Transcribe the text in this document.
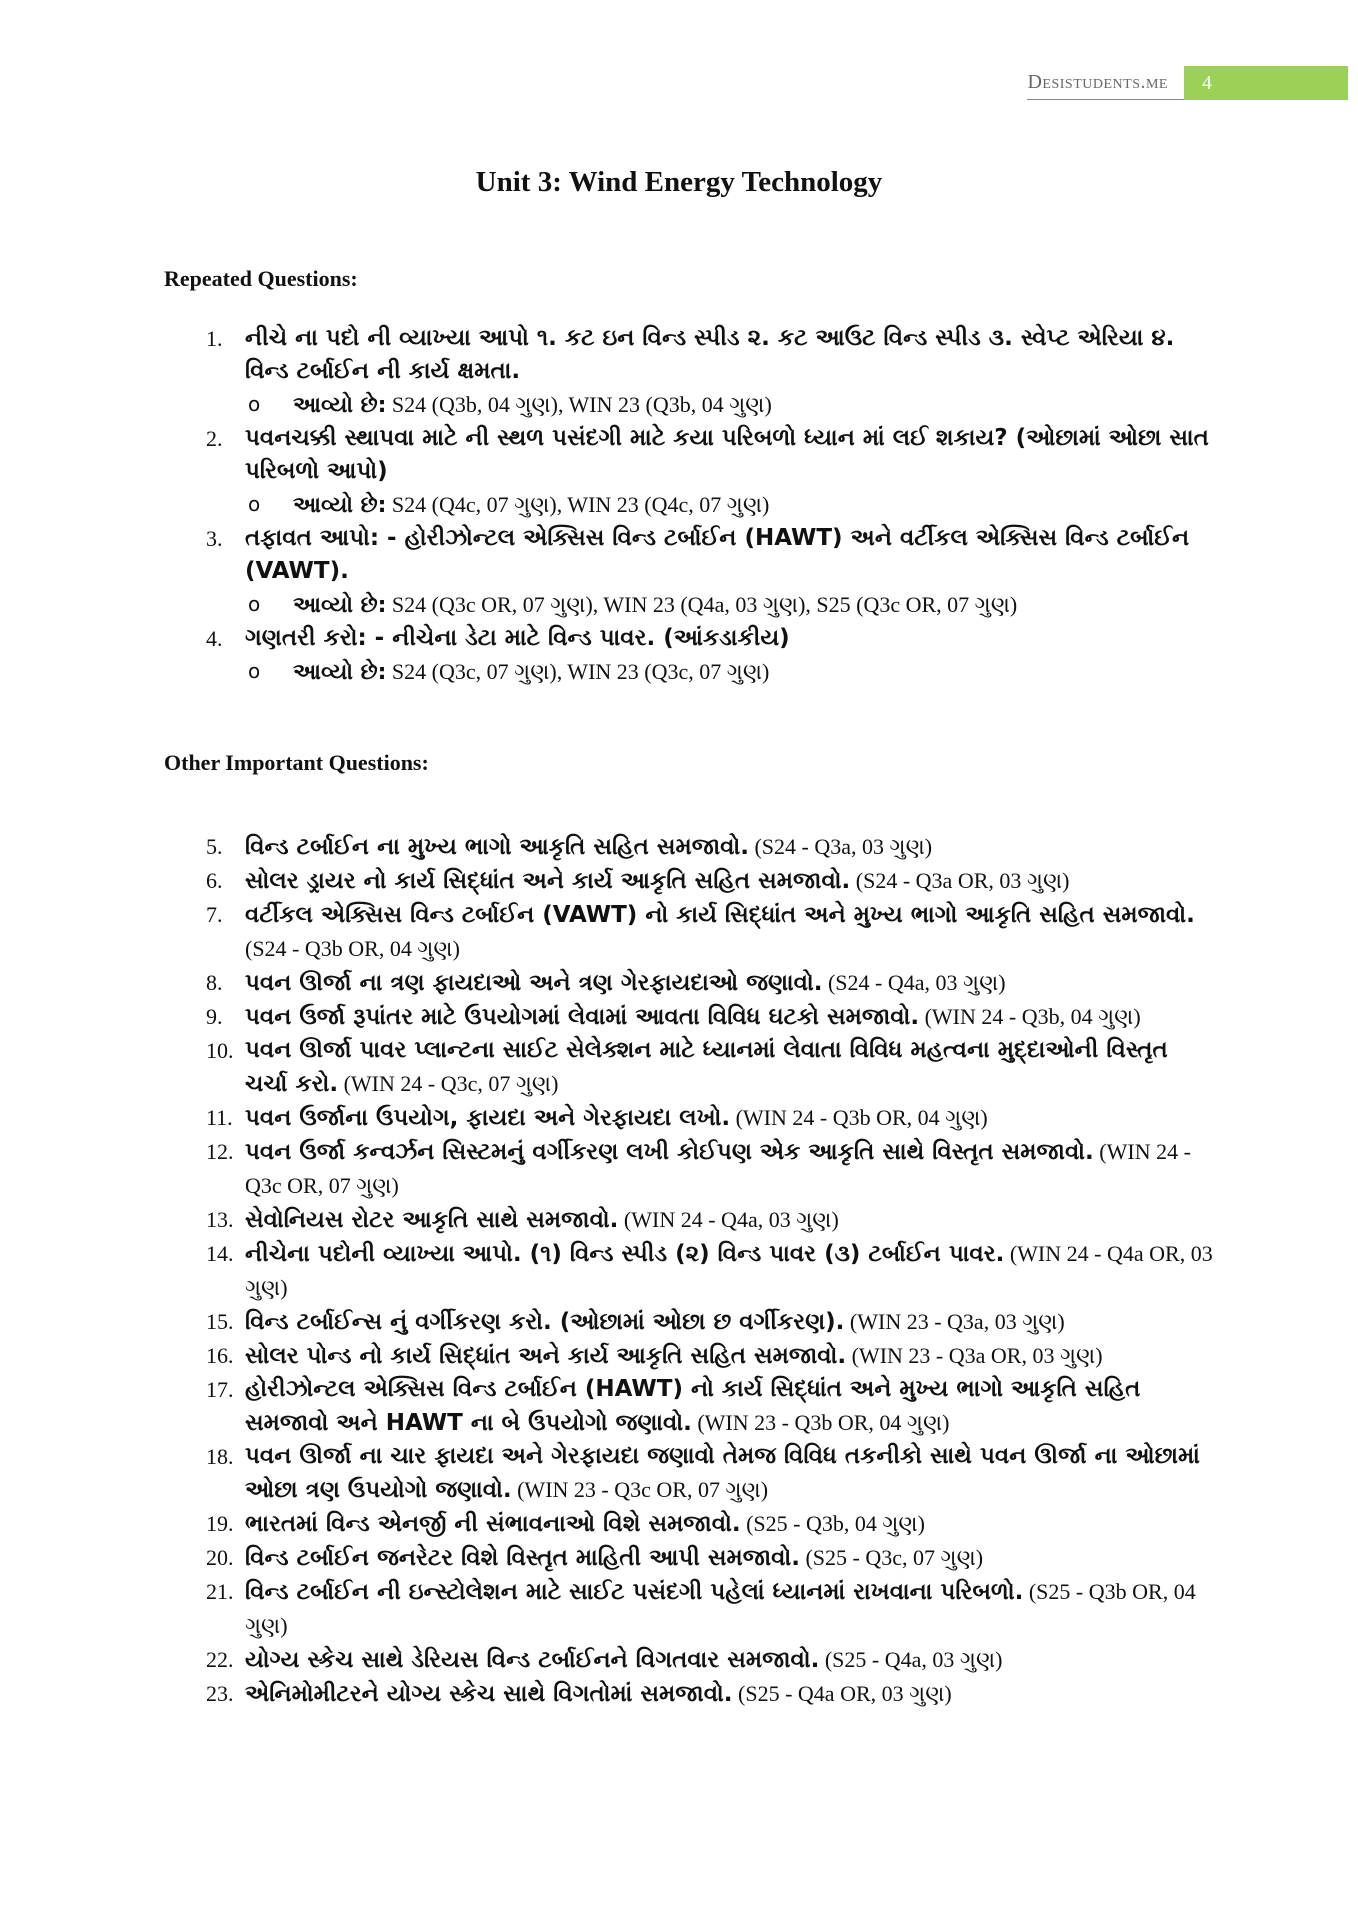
Desistudents.me	4
Unit 3: Wind Energy Technology
Repeated Questions:
1. નીચે ના પદો ની વ્યાખ્યા આપો ૧. કટ ઇન વિન્ડ સ્પીડ ૨. કટ આઉટ વિન્ડ સ્પીડ ૩. સ્વેપ્ટ એરિયા ૪. વિન્ડ ટર્બાઈન ની કાર્ય ક્ષમતા.
o	આવ્યો છે: S24 (Q3b, 04 ગુણ), WIN 23 (Q3b, 04 ગુણ)
2. પવનચક્કી સ્થાપવા માટે ની સ્થળ પસંદગી માટે કયા પરિબળો ધ્યાન માં લઈ શકાય? (ઓછામાં ઓછા સાત પરિબળો આપો)
o	આવ્યો છે: S24 (Q4c, 07 ગુણ), WIN 23 (Q4c, 07 ગુણ)
3. તફાવત આપો: - હોરીઝોન્ટલ એક્સિસ વિન્ડ ટર્બાઈન (HAWT) અને વર્ટીકલ એક્સિસ વિન્ડ ટર્બાઈન (VAWT).
o	આવ્યો છે: S24 (Q3c OR, 07 ગુણ), WIN 23 (Q4a, 03 ગુણ), S25 (Q3c OR, 07 ગુણ)
4. ગણતરી કરો: - નીચેના ડેટા માટે વિન્ડ પાવર. (આંકડાકીય)
o	આવ્યો છે: S24 (Q3c, 07 ગુણ), WIN 23 (Q3c, 07 ગુણ)
Other Important Questions:
5. વિન્ડ ટર્બાઈન ના મુખ્ય ભાગો આકૃતિ સહિત સમજાવો. (S24 - Q3a, 03 ગુણ)
6. સોલર ડ્રાયર નો કાર્ય સિદ્ધાંત અને કાર્ય આકૃતિ સહિત સમજાવો. (S24 - Q3a OR, 03 ગુણ)
7. વર્ટીકલ એક્સિસ વિન્ડ ટર્બાઈન (VAWT) નો કાર્ય સિદ્ધાંત અને મુખ્ય ભાગો આકૃતિ સહિત સમજાવો. (S24 - Q3b OR, 04 ગુણ)
8. પવન ઊર્જા ના ત્રણ ફાયદાઓ અને ત્રણ ગેરફાયદાઓ જણાવો. (S24 - Q4a, 03 ગુણ)
9. પવન ઉર્જા રૂપાંતર માટે ઉપયોગમાં લેવામાં આવતા વિવિધ ઘટકો સમજાવો. (WIN 24 - Q3b, 04 ગુણ)
10. પવન ઊર્જા પાવર પ્લાન્ટના સાઈટ સેલેક્શન માટે ધ્યાનમાં લેવાતા વિવિધ મહત્વના મુદ્દાઓની વિસ્તૃત ચર્ચા કરો. (WIN 24 - Q3c, 07 ગુણ)
11. પવન ઉર્જાના ઉપયોગ, ફાયદા અને ગેરફાયદા લખો. (WIN 24 - Q3b OR, 04 ગુણ)
12. પવન ઉર્જા કન્વર્ઝન સિસ્ટમનું વર્ગીકરણ લખી કોઈપણ એક આકૃતિ સાથે વિસ્તૃત સમજાવો. (WIN 24 - Q3c OR, 07 ગુણ)
13. સેવોનિયસ રોટર આકૃતિ સાથે સમજાવો. (WIN 24 - Q4a, 03 ગુણ)
14. નીચેના પદોની વ્યાખ્યા આપો. (૧) વિન્ડ સ્પીડ (૨) વિન્ડ પાવર (૩) ટર્બાઈન પાવર. (WIN 24 - Q4a OR, 03 ગુણ)
15. વિન્ડ ટર્બાઈન્સ નું વર્ગીકરણ કરો. (ઓછામાં ઓછા છ વર્ગીકરણ). (WIN 23 - Q3a, 03 ગુણ)
16. સોલર પોન્ડ નો કાર્ય સિદ્ધાંત અને કાર્ય આકૃતિ સહિત સમજાવો. (WIN 23 - Q3a OR, 03 ગુણ)
17. હોરીઝોન્ટલ એક્સિસ વિન્ડ ટર્બાઈન (HAWT) નો કાર્ય સિદ્ધાંત અને મુખ્ય ભાગો આકૃતિ સહિત સમજાવો અને HAWT ના બે ઉપયોગો જણાવો. (WIN 23 - Q3b OR, 04 ગુણ)
18. પવન ઊર્જા ના ચાર ફાયદા અને ગેરફાયદા જણાવો તેમજ વિવિધ તકનીકો સાથે પવન ઊર્જા ના ઓછામાં ઓછા ત્રણ ઉપયોગો જણાવો. (WIN 23 - Q3c OR, 07 ગુણ)
19. ભારતમાં વિન્ડ એનર્જી ની સંભાવનાઓ વિશે સમજાવો. (S25 - Q3b, 04 ગુણ)
20. વિન્ડ ટર્બાઈન જનરેટર વિશે વિસ્તૃત માહિતી આપી સમજાવો. (S25 - Q3c, 07 ગુણ)
21. વિન્ડ ટર્બાઈન ની ઇન્સ્ટોલેશન માટે સાઈટ પસંદગી પહેલાં ધ્યાનમાં રાખવાના પરિબળો. (S25 - Q3b OR, 04 ગુણ)
22. યોગ્ય સ્કેચ સાથે ડેરિયસ વિન્ડ ટર્બાઈનને વિગતવાર સમજાવો. (S25 - Q4a, 03 ગુણ)
23. એનિમોમીટરને યોગ્ય સ્કેચ સાથે વિગતોમાં સમજાવો. (S25 - Q4a OR, 03 ગુણ)
